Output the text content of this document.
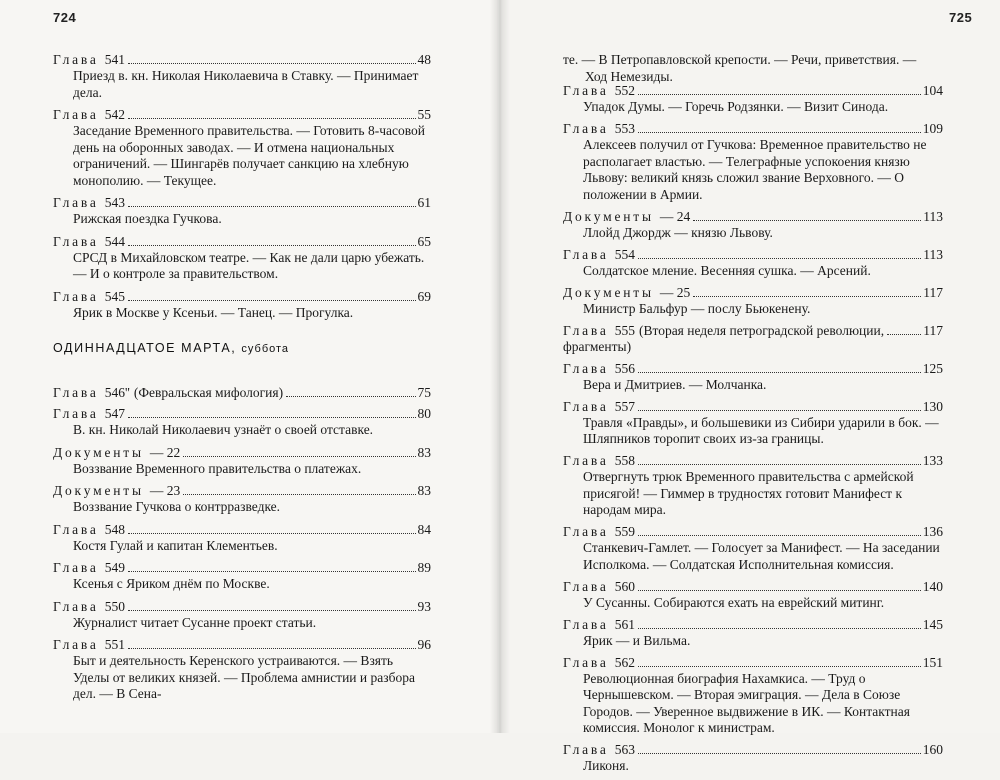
724
Глава 541	48
Приезд в. кн. Николая Николаевича в Ставку. — Принимает дела.
Глава 542	55
Заседание Временного правительства. — Готовить 8-часовой день на оборонных заводах. — И отмена национальных ограничений. — Шингарёв получает санкцию на хлебную монополию. — Текущее.
Глава 543	61
Рижская поездка Гучкова.
Глава 544	65
СРСД в Михайловском театре. — Как не дали царю убежать. — И о контроле за правительством.
Глава 545	69
Ярик в Москве у Ксеньи. — Танец. — Прогулка.
ОДИННАДЦАТОЕ МАРТА, суббота
Глава 546'' (Февральская мифология)	75
Глава 547	80
В. кн. Николай Николаевич узнаёт о своей отставке.
Документы — 22	83
Воззвание Временного правительства о платежах.
Документы — 23	83
Воззвание Гучкова о контрразведке.
Глава 548	84
Костя Гулай и капитан Клементьев.
Глава 549	89
Ксенья с Яриком днём по Москве.
Глава 550	93
Журналист читает Сусанне проект статьи.
Глава 551	96
Быт и деятельность Керенского устраиваются. — Взять Уделы от великих князей. — Проблема амнистии и разбора дел. — В Сена-
725
те. — В Петропавловской крепости. — Речи, приветствия. —
Ход Немезиды.
Глава 552	104
Упадок Думы. — Горечь Родзянки. — Визит Синода.
Глава 553	109
Алексеев получил от Гучкова: Временное правительство не располагает властью. — Телеграфные успокоения князю Львову: великий князь сложил звание Верховного. — О положении в Армии.
Документы — 24	113
Ллойд Джордж — князю Львову.
Глава 554	113
Солдатское мление. Весенняя сушка. — Арсений.
Документы — 25	117
Министр Бальфур — послу Бьюкенену.
Глава 555 (Вторая неделя петроградской революции,	117
фрагменты)
Глава 556	125
Вера и Дмитриев. — Молчанка.
Глава 557	130
Травля «Правды», и большевики из Сибири ударили в бок. — Шляпников торопит своих из-за границы.
Глава 558	133
Отвергнуть трюк Временного правительства с армейской присягой! — Гиммер в трудностях готовит Манифест к народам мира.
Глава 559	136
Станкевич-Гамлет. — Голосует за Манифест. — На заседании Исполкома. — Солдатская Исполнительная комиссия.
Глава 560	140
У Сусанны. Собираются ехать на еврейский митинг.
Глава 561	145
Ярик — и Вильма.
Глава 562	151
Революционная биография Нахамкиса. — Труд о Чернышевском. — Вторая эмиграция. — Дела в Союзе Городов. — Уверенное выдвижение в ИК. — Контактная комиссия. Монолог к министрам.
Глава 563	160
Ликоня.
